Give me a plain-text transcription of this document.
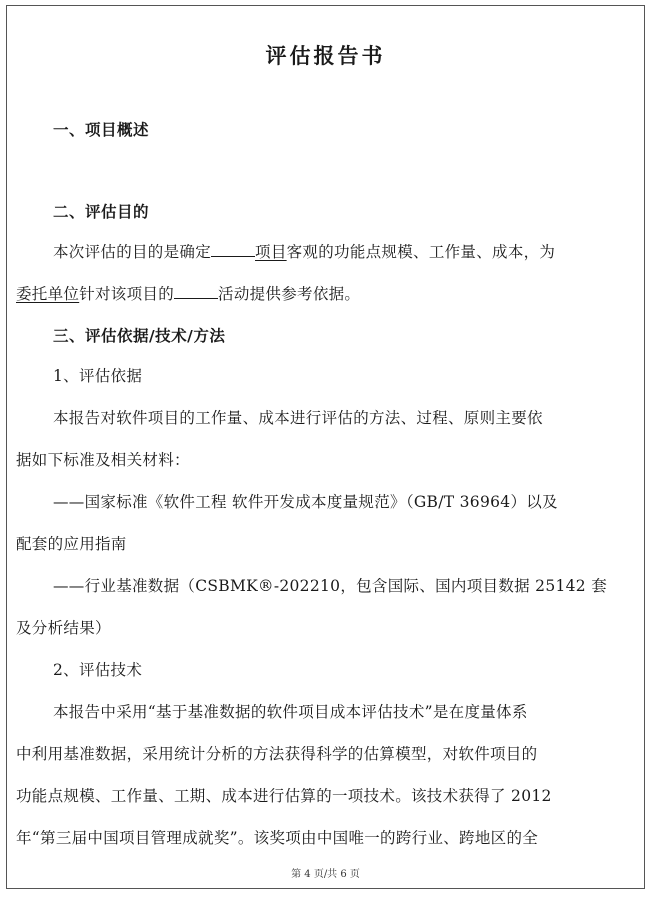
评估报告书
一、项目概述
二、评估目的
本次评估的目的是确定	项目客观的功能点规模、工作量、成本，为
委托单位针对该项目的	活动提供参考依据。
三、评估依据/技术/方法
1、评估依据
本报告对软件项目的工作量、成本进行评估的方法、过程、原则主要依
据如下标准及相关材料：
——国家标准《软件工程 软件开发成本度量规范》（GB/T 36964）以及
配套的应用指南
——行业基准数据（CSBMK®-202210，包含国际、国内项目数据 25142 套
及分析结果）
2、评估技术
本报告中采用“基于基准数据的软件项目成本评估技术”是在度量体系
中利用基准数据，采用统计分析的方法获得科学的估算模型，对软件项目的
功能点规模、工作量、工期、成本进行估算的一项技术。该技术获得了 2012
年“第三届中国项目管理成就奖”。该奖项由中国唯一的跨行业、跨地区的全
第 4 页/共 6 页
